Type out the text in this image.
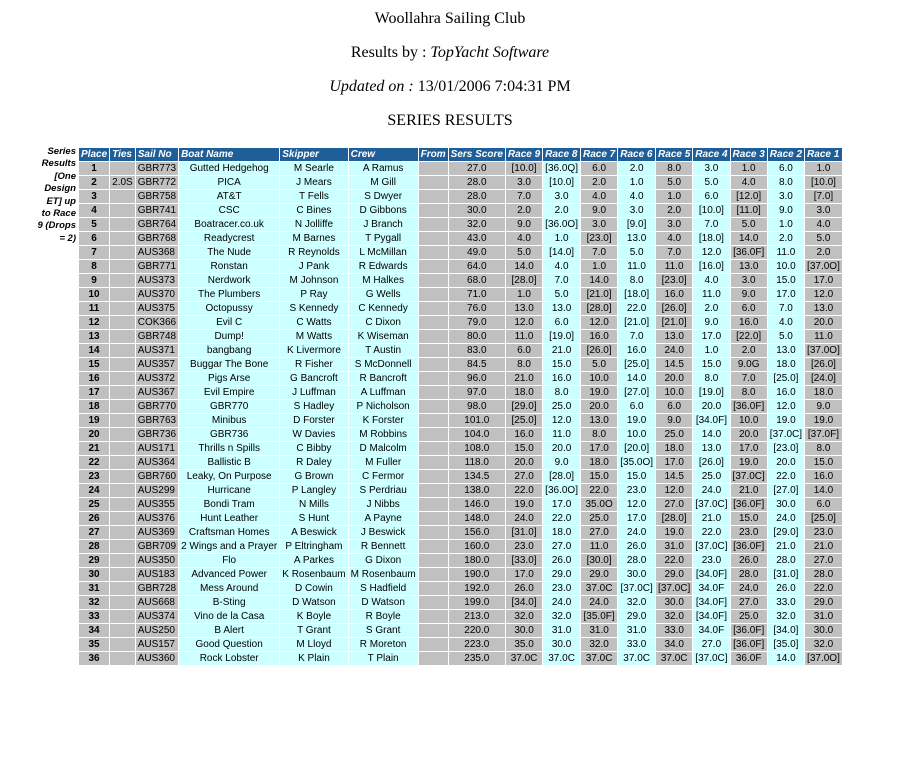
Woollahra Sailing Club
Results by : TopYacht Software
Updated on : 13/01/2006 7:04:31 PM
SERIES RESULTS
Series Results [One Design ET] up to Race 9 (Drops = 2)
Place	Ties	Sail No	Boat Name	Skipper	Crew	From	Sers Score	Race 9	Race 8	Race 7	Race 6	Race 5	Race 4	Race 3	Race 2	Race 1
1		GBR773	Gutted Hedgehog	M Searle	A Ramus		27.0	[10.0]	[36.0Q]	6.0	2.0	8.0	3.0	1.0	6.0	1.0
2	2.0S	GBR772	PICA	J Mears	M Gill		28.0	3.0	[10.0]	2.0	1.0	5.0	5.0	4.0	8.0	[10.0]
3		GBR758	AT&T	T Fells	S Dwyer		28.0	7.0	3.0	4.0	4.0	1.0	6.0	[12.0]	3.0	[7.0]
4		GBR741	CSC	C Bines	D Gibbons		30.0	2.0	2.0	9.0	3.0	2.0	[10.0]	[11.0]	9.0	3.0
5		GBR764	Boatracer.co.uk	N Jolliffe	J Branch		32.0	9.0	[36.0O]	3.0	[9.0]	3.0	7.0	5.0	1.0	4.0
6		GBR768	Readycrest	M Barnes	T Pygall		43.0	4.0	1.0	[23.0]	13.0	4.0	[18.0]	14.0	2.0	5.0
7		AUS368	The Nude	R Reynolds	L McMillan		49.0	5.0	[14.0]	7.0	5.0	7.0	12.0	[36.0F]	11.0	2.0
8		GBR771	Ronstan	J Pank	R Edwards		64.0	14.0	4.0	1.0	11.0	11.0	[16.0]	13.0	10.0	[37.0O]
9		AUS373	Nerdwork	M Johnson	M Halkes		68.0	[28.0]	7.0	14.0	8.0	[23.0]	4.0	3.0	15.0	17.0
10		AUS370	The Plumbers	P Ray	G Wells		71.0	1.0	5.0	[21.0]	[18.0]	16.0	11.0	9.0	17.0	12.0
11		AUS375	Octopussy	S Kennedy	C Kennedy		76.0	13.0	13.0	[28.0]	22.0	[26.0]	2.0	6.0	7.0	13.0
12		COK366	Evil C	C Watts	C Dixon		79.0	12.0	6.0	12.0	[21.0]	[21.0]	9.0	16.0	4.0	20.0
13		GBR748	Dump!	M Watts	K Wiseman		80.0	11.0	[19.0]	16.0	7.0	13.0	17.0	[22.0]	5.0	11.0
14		AUS371	bangbang	K Livermore	T Austin		83.0	6.0	21.0	[26.0]	16.0	24.0	1.0	2.0	13.0	[37.0O]
15		AUS357	Buggar The Bone	R Fisher	S McDonnell		84.5	8.0	15.0	5.0	[25.0]	14.5	15.0	9.0G	18.0	[26.0]
16		AUS372	Pigs Arse	G Bancroft	R Bancroft		96.0	21.0	16.0	10.0	14.0	20.0	8.0	7.0	[25.0]	[24.0]
17		AUS367	Evil Empire	J Luffman	A Luffman		97.0	18.0	8.0	19.0	[27.0]	10.0	[19.0]	8.0	16.0	18.0
18		GBR770	GBR770	S Hadley	P Nicholson		98.0	[29.0]	25.0	20.0	6.0	6.0	20.0	[36.0F]	12.0	9.0
19		GBR763	Minibus	D Forster	K Forster		101.0	[25.0]	12.0	13.0	19.0	9.0	[34.0F]	10.0	19.0	19.0
20		GBR736	GBR736	W Davies	M Robbins		104.0	16.0	11.0	8.0	10.0	25.0	14.0	20.0	[37.0C]	[37.0F]
21		AUS171	Thrills n Spills	C Bibby	D Malcolm		108.0	15.0	20.0	17.0	[20.0]	18.0	13.0	17.0	[23.0]	8.0
22		AUS364	Ballistic B	R Daley	M Fuller		118.0	20.0	9.0	18.0	[35.0O]	17.0	[26.0]	19.0	20.0	15.0
23		GBR760	Leaky, On Purpose	G Brown	C Fermor		134.5	27.0	[28.0]	15.0	15.0	14.5	25.0	[37.0C]	22.0	16.0
24		AUS299	Hurricane	P Langley	S Perdriau		138.0	22.0	[36.0O]	22.0	23.0	12.0	24.0	21.0	[27.0]	14.0
25		AUS355	Bondi Tram	N Mills	J Nibbs		146.0	19.0	17.0	35.0O	12.0	27.0	[37.0C]	[36.0F]	30.0	6.0
26		AUS376	Hunt Leather	S Hunt	A Payne		148.0	24.0	22.0	25.0	17.0	[28.0]	21.0	15.0	24.0	[25.0]
27		AUS369	Craftsman Homes	A Beswick	J Beswick		156.0	[31.0]	18.0	27.0	24.0	19.0	22.0	23.0	[29.0]	23.0
28		GBR709	2 Wings and a Prayer	P Eltringham	R Bennett		160.0	23.0	27.0	11.0	26.0	31.0	[37.0C]	[36.0F]	21.0	21.0
29		AUS350	Flo	A Parkes	G Dixon		180.0	[33.0]	26.0	[30.0]	28.0	22.0	23.0	26.0	28.0	27.0
30		AUS183	Advanced Power	K Rosenbaum	M Rosenbaum		190.0	17.0	29.0	29.0	30.0	29.0	[34.0F]	28.0	[31.0]	28.0
31		GBR728	Mess Around	D Cowin	S Hadfield		192.0	26.0	23.0	37.0C	[37.0C]	[37.0C]	34.0F	24.0	26.0	22.0
32		AUS668	B-Sting	D Watson	D Watson		199.0	[34.0]	24.0	24.0	32.0	30.0	[34.0F]	27.0	33.0	29.0
33		AUS374	Vino de la Casa	K Boyle	R Boyle		213.0	32.0	32.0	[35.0F]	29.0	32.0	[34.0F]	25.0	32.0	31.0
34		AUS250	B Alert	T Grant	S Grant		220.0	30.0	31.0	31.0	31.0	33.0	34.0F	[36.0F]	[34.0]	30.0
35		AUS157	Good Question	M Lloyd	R Moreton		223.0	35.0	30.0	32.0	33.0	34.0	27.0	[36.0F]	[35.0]	32.0
36		AUS360	Rock Lobster	K Plain	T Plain		235.0	37.0C	37.0C	37.0C	37.0C	37.0C	[37.0C]	36.0F	14.0	[37.0O]
